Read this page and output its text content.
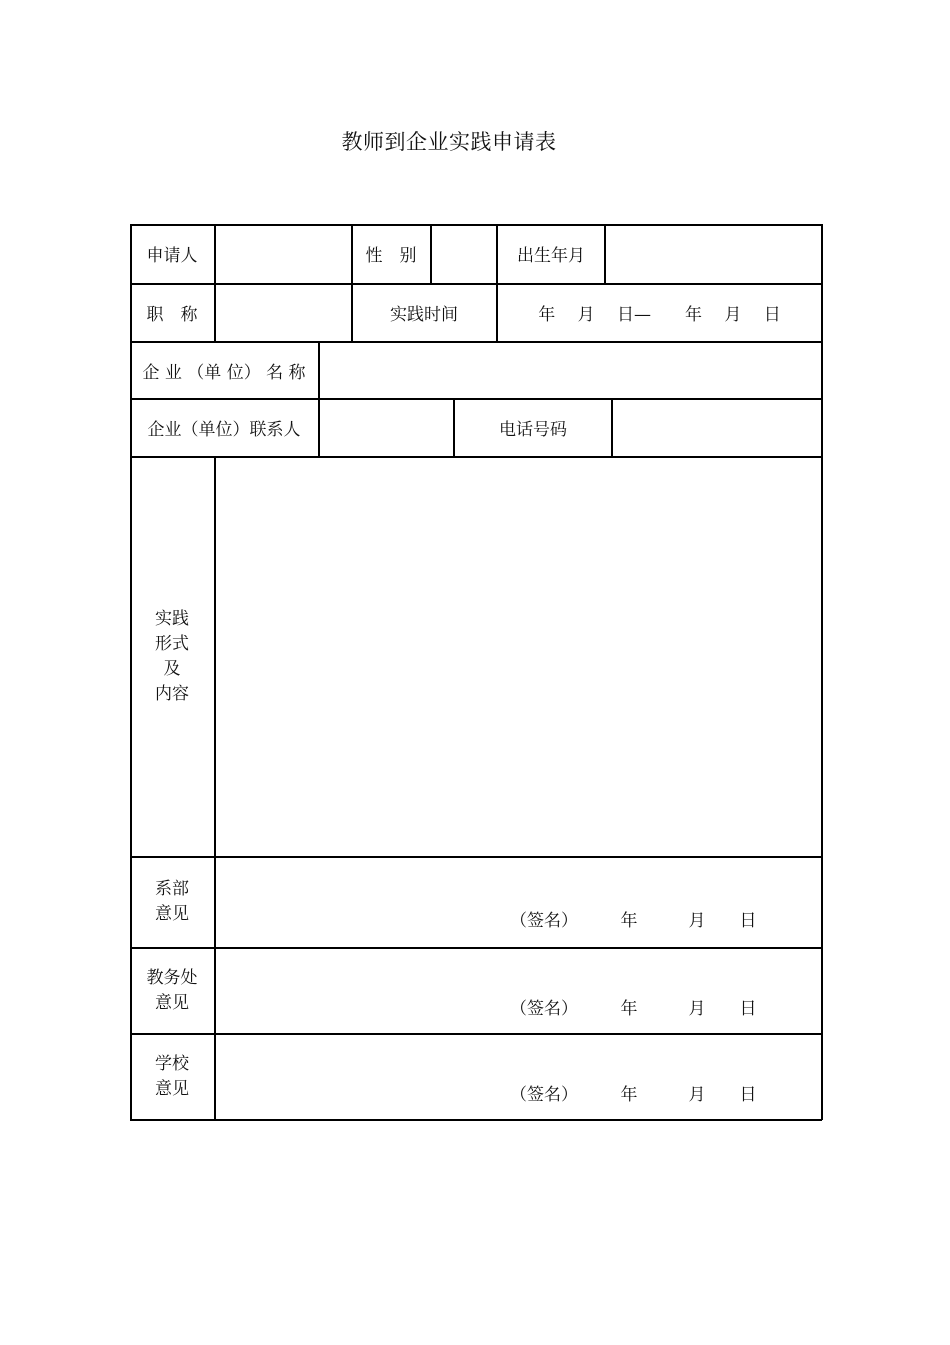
教师到企业实践申请表
申请人	性　别	出生年月
职　称	实践时间	年　 月　 日—　　年　 月　 日
企 业 （单 位） 名 称
企业（单位）联系人	电话号码
实践
形式
及
内容
系部
意见	（签名）　　　年　　　月　　日
教务处
意见	（签名）　　　年　　　月　　日
学校
意见	（签名）　　　年　　　月　　日
